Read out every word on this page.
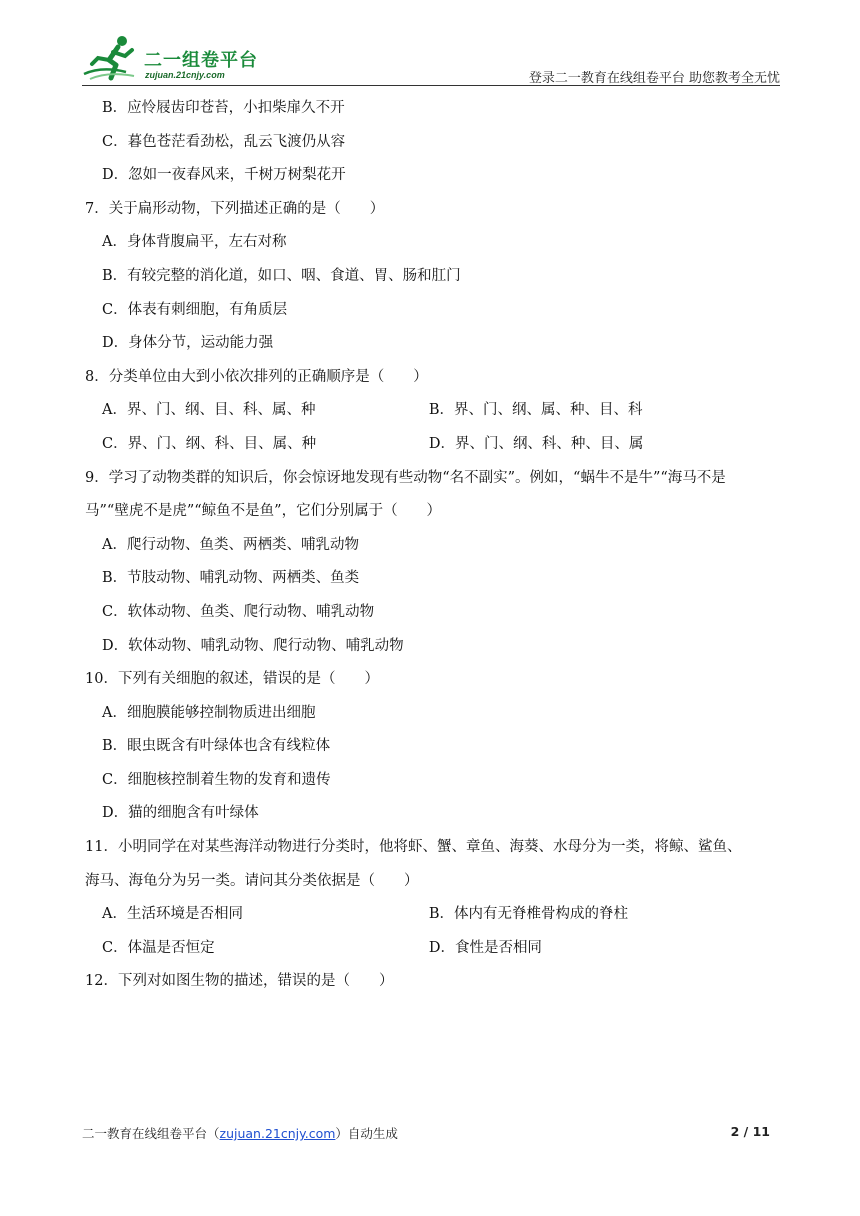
二一组卷平台
zujuan.21cnjy.com	登录二一教育在线组卷平台 助您教考全无忧
B．应怜屐齿印苍苔，小扣柴扉久不开
C．暮色苍茫看劲松，乱云飞渡仍从容
D．忽如一夜春风来，千树万树梨花开
7．关于扁形动物，下列描述正确的是（　　）
A．身体背腹扁平，左右对称
B．有较完整的消化道，如口、咽、食道、胃、肠和肛门
C．体表有刺细胞，有角质层
D．身体分节，运动能力强
8．分类单位由大到小依次排列的正确顺序是（　　）
A．界、门、纲、目、科、属、种	B．界、门、纲、属、种、目、科
C．界、门、纲、科、目、属、种	D．界、门、纲、科、种、目、属
9．学习了动物类群的知识后，你会惊讶地发现有些动物“名不副实”。例如，“蜗牛不是牛”“海马不是
马”“壁虎不是虎”“鲸鱼不是鱼”，它们分别属于（　　）
A．爬行动物、鱼类、两栖类、哺乳动物
B．节肢动物、哺乳动物、两栖类、鱼类
C．软体动物、鱼类、爬行动物、哺乳动物
D．软体动物、哺乳动物、爬行动物、哺乳动物
10．下列有关细胞的叙述，错误的是（　　）
A．细胞膜能够控制物质进出细胞
B．眼虫既含有叶绿体也含有线粒体
C．细胞核控制着生物的发育和遗传
D．猫的细胞含有叶绿体
11．小明同学在对某些海洋动物进行分类时，他将虾、蟹、章鱼、海葵、水母分为一类，将鲸、鲨鱼、
海马、海龟分为另一类。请问其分类依据是（　　）
A．生活环境是否相同	B．体内有无脊椎骨构成的脊柱
C．体温是否恒定	D．食性是否相同
12．下列对如图生物的描述，错误的是（　　）
二一教育在线组卷平台（zujuan.21cnjy.com）自动生成	2 / 11
